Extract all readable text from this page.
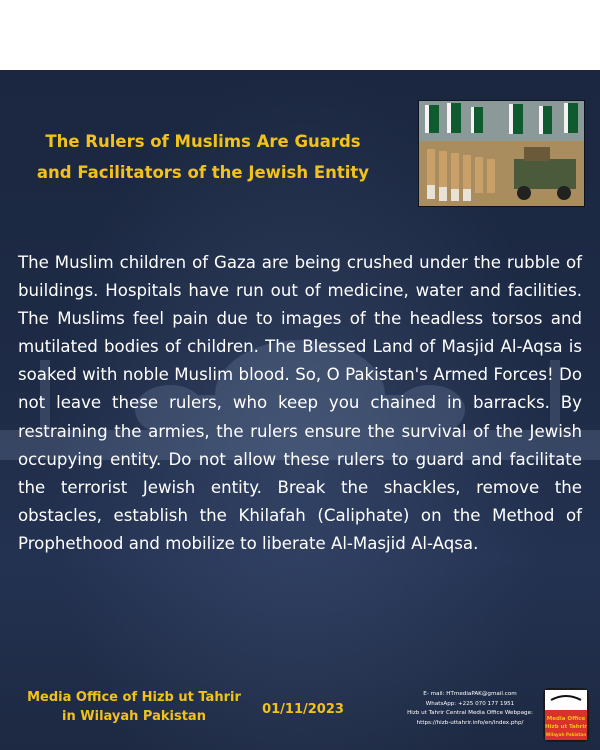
The Rulers of Muslims Are Guards
and Facilitators of the Jewish Entity
The Muslim children of Gaza are being crushed under the rubble of buildings. Hospitals have run out of medicine, water and facilities. The Muslims feel pain due to images of the headless torsos and mutilated bodies of children. The Blessed Land of Masjid Al-Aqsa is soaked with noble Muslim blood. So, O Pakistan's Armed Forces! Do not leave these rulers, who keep you chained in barracks. By restraining the armies, the rulers ensure the survival of the Jewish occupying entity. Do not allow these rulers to guard and facilitate the terrorist Jewish entity. Break the shackles, remove the obstacles, establish the Khilafah (Caliphate) on the Method of Prophethood and mobilize to liberate Al-Masjid Al-Aqsa.
Media Office of Hizb ut Tahrir
in Wilayah Pakistan	01/11/2023
E- mail: HTmediaPAK@gmail.com
WhatsApp: +225 070 177 1951
Hizb ut Tahrir Central Media Office Webpage:
https://hizb-uttahrir.info/en/index.php/
Media Office
Hizb ut Tahrir
Wilayah Pakistan
